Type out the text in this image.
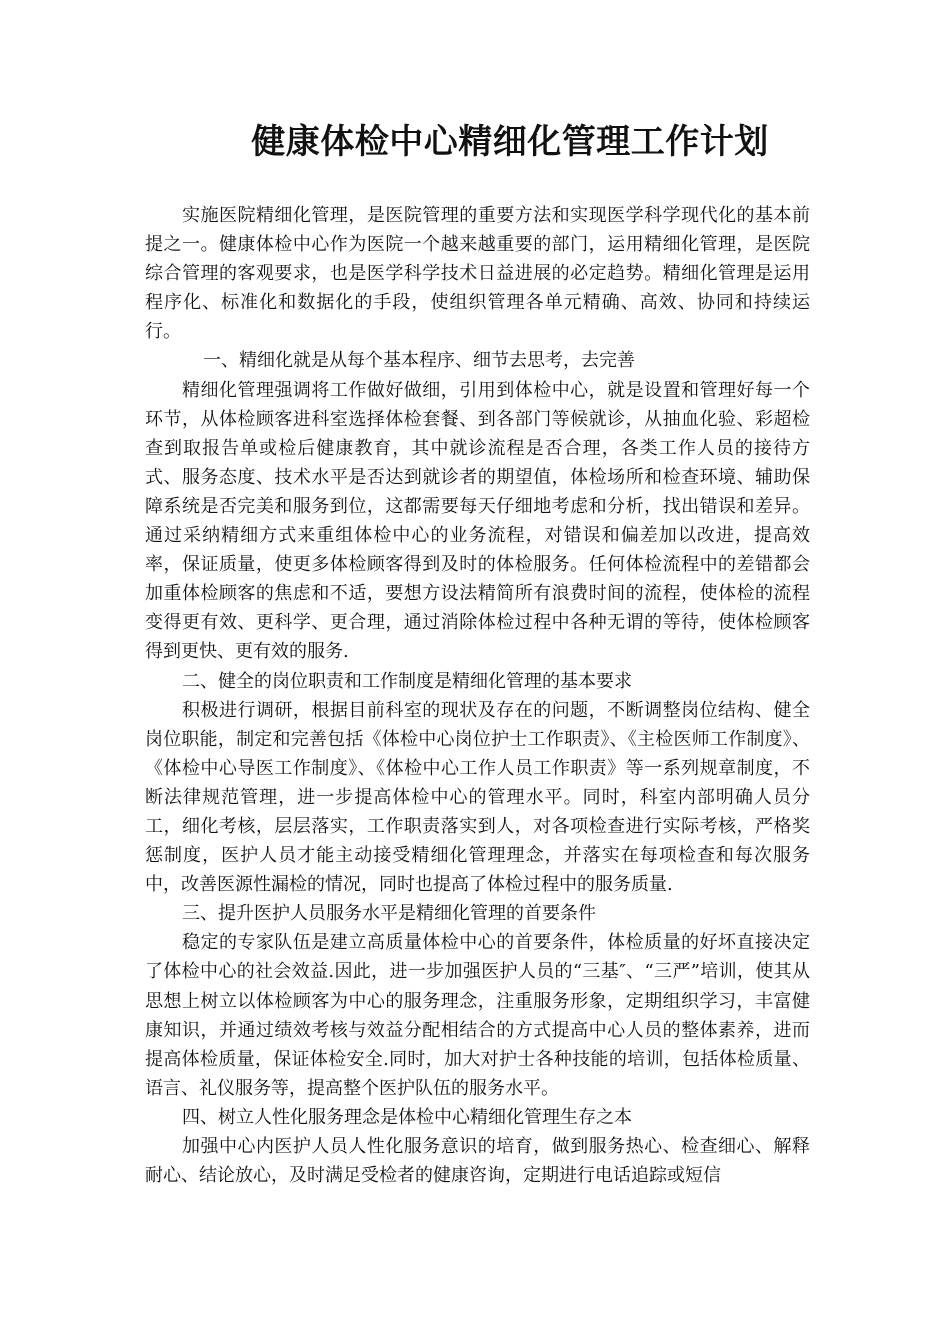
健康体检中心精细化管理工作计划

实施医院精细化管理，是医院管理的重要方法和实现医学科学现代化的基本前提之一。健康体检中心作为医院一个越来越重要的部门，运用精细化管理，是医院综合管理的客观要求，也是医学科学技术日益进展的必定趋势。精细化管理是运用程序化、标准化和数据化的手段，使组织管理各单元精确、高效、协同和持续运行。

一、精细化就是从每个基本程序、细节去思考，去完善

精细化管理强调将工作做好做细，引用到体检中心，就是设置和管理好每一个环节，从体检顾客进科室选择体检套餐、到各部门等候就诊，从抽血化验、彩超检查到取报告单或检后健康教育，其中就诊流程是否合理，各类工作人员的接待方式、服务态度、技术水平是否达到就诊者的期望值，体检场所和检查环境、辅助保障系统是否完美和服务到位，这都需要每天仔细地考虑和分析，找出错误和差异。通过采纳精细方式来重组体检中心的业务流程，对错误和偏差加以改进，提高效率，保证质量，使更多体检顾客得到及时的体检服务。任何体检流程中的差错都会加重体检顾客的焦虑和不适，要想方设法精简所有浪费时间的流程，使体检的流程变得更有效、更科学、更合理，通过消除体检过程中各种无谓的等待，使体检顾客得到更快、更有效的服务.

二、健全的岗位职责和工作制度是精细化管理的基本要求

积极进行调研，根据目前科室的现状及存在的问题，不断调整岗位结构、健全岗位职能，制定和完善包括《体检中心岗位护士工作职责》、《主检医师工作制度》、《体检中心导医工作制度》、《体检中心工作人员工作职责》等一系列规章制度，不断法律规范管理，进一步提高体检中心的管理水平。同时，科室内部明确人员分工，细化考核，层层落实，工作职责落实到人，对各项检查进行实际考核，严格奖惩制度，医护人员才能主动接受精细化管理理念，并落实在每项检查和每次服务中，改善医源性漏检的情况，同时也提高了体检过程中的服务质量.

三、提升医护人员服务水平是精细化管理的首要条件

稳定的专家队伍是建立高质量体检中心的首要条件，体检质量的好坏直接决定了体检中心的社会效益.因此，进一步加强医护人员的“三基″、“三严”培训，使其从思想上树立以体检顾客为中心的服务理念，注重服务形象，定期组织学习，丰富健康知识，并通过绩效考核与效益分配相结合的方式提高中心人员的整体素养，进而提高体检质量，保证体检安全.同时，加大对护士各种技能的培训，包括体检质量、语言、礼仪服务等，提高整个医护队伍的服务水平。

四、树立人性化服务理念是体检中心精细化管理生存之本

加强中心内医护人员人性化服务意识的培育，做到服务热心、检查细心、解释耐心、结论放心，及时满足受检者的健康咨询，定期进行电话追踪或短信
